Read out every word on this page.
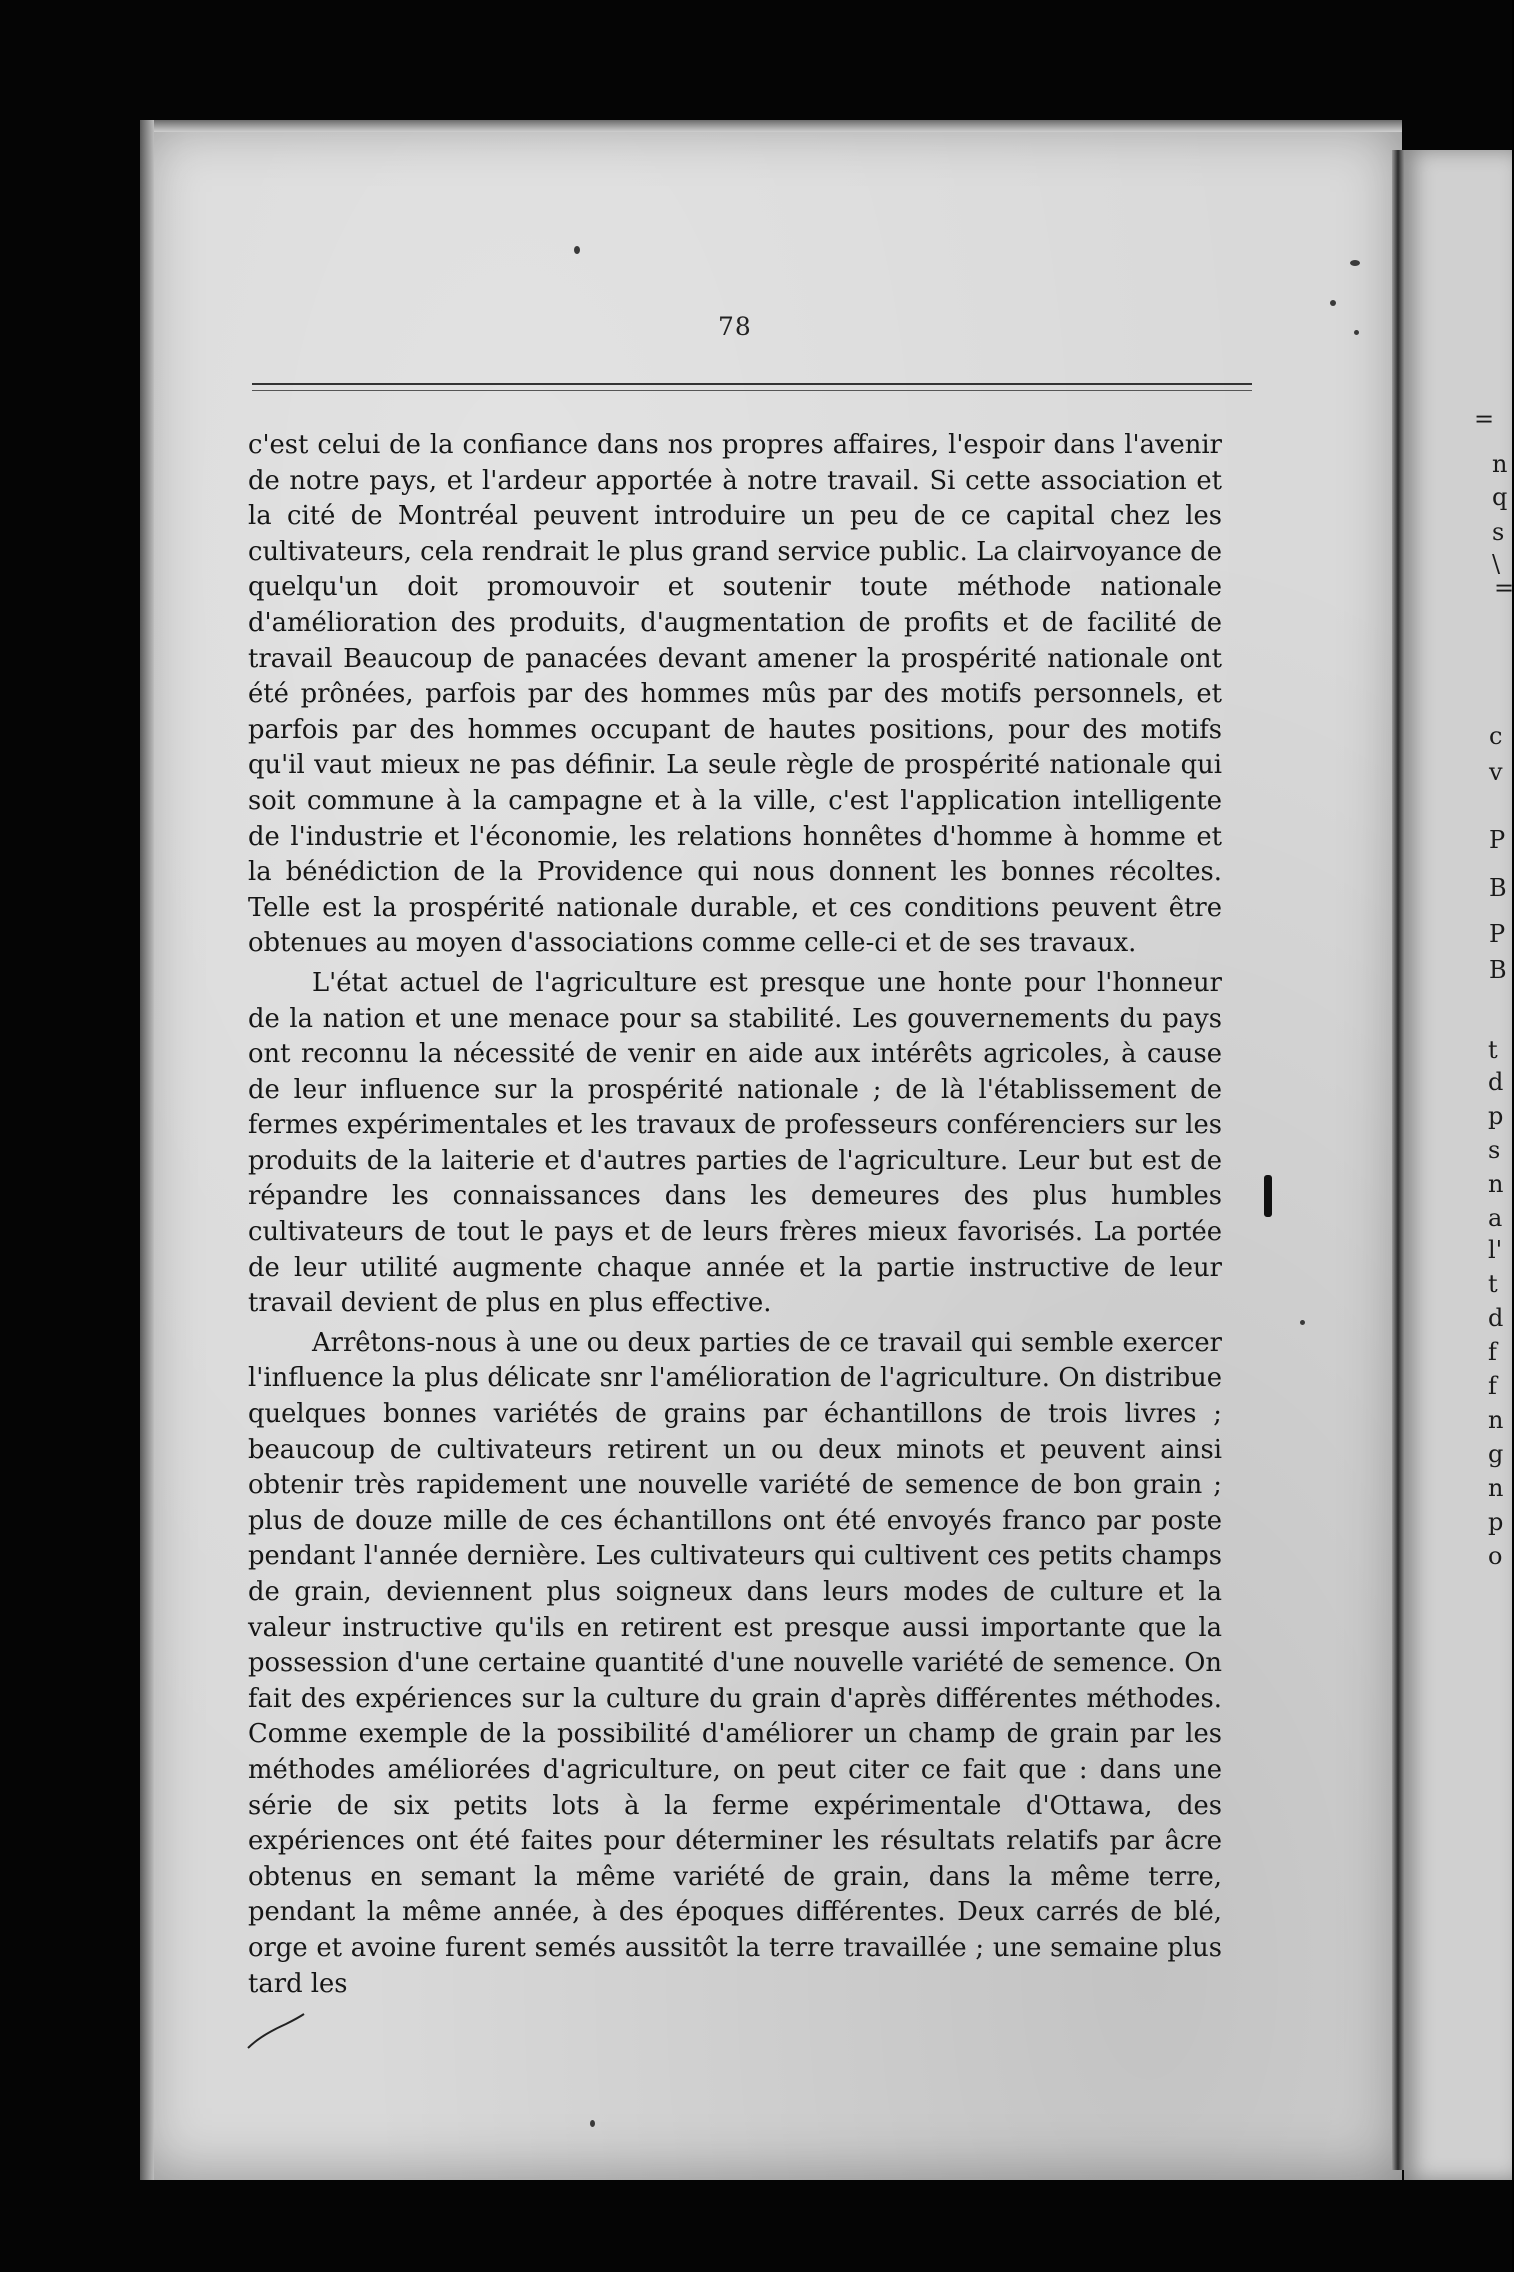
=
n
q
s
\
=
c
v
P
B
P
B
t
d
p
s
n
a
l'
t
d
f
f
n
g
n
p
o
78

c'est celui de la confiance dans nos propres affaires, l'espoir dans l'avenir de notre pays, et l'ardeur apportée à notre travail. Si cette association et la cité de Montréal peuvent introduire un peu de ce capital chez les cultivateurs, cela rendrait le plus grand service public. La clairvoyance de quelqu'un doit promouvoir et soutenir toute méthode nationale d'amélioration des produits, d'augmentation de profits et de facilité de travail Beaucoup de panacées devant amener la prospérité nationale ont été prônées, parfois par des hommes mûs par des motifs personnels, et parfois par des hommes occupant de hautes positions, pour des motifs qu'il vaut mieux ne pas définir. La seule règle de prospérité nationale qui soit commune à la campagne et à la ville, c'est l'application intelligente de l'industrie et l'économie, les relations honnêtes d'homme à homme et la bénédiction de la Providence qui nous donnent les bonnes récoltes. Telle est la prospérité nationale durable, et ces conditions peuvent être obtenues au moyen d'associations comme celle-ci et de ses travaux.

L'état actuel de l'agriculture est presque une honte pour l'honneur de la nation et une menace pour sa stabilité. Les gouvernements du pays ont reconnu la nécessité de venir en aide aux intérêts agricoles, à cause de leur influence sur la prospérité nationale ; de là l'établissement de fermes expérimentales et les travaux de professeurs conférenciers sur les produits de la laiterie et d'autres parties de l'agriculture. Leur but est de répandre les connaissances dans les demeures des plus humbles cultivateurs de tout le pays et de leurs frères mieux favorisés. La portée de leur utilité augmente chaque année et la partie instructive de leur travail devient de plus en plus effective.

Arrêtons-nous à une ou deux parties de ce travail qui semble exercer l'influence la plus délicate snr l'amélioration de l'agriculture. On distribue quelques bonnes variétés de grains par échantillons de trois livres ; beaucoup de cultivateurs retirent un ou deux minots et peuvent ainsi obtenir très rapidement une nouvelle variété de semence de bon grain ; plus de douze mille de ces échantillons ont été envoyés franco par poste pendant l'année dernière. Les cultivateurs qui cultivent ces petits champs de grain, deviennent plus soigneux dans leurs modes de culture et la valeur instructive qu'ils en retirent est presque aussi importante que la possession d'une certaine quantité d'une nouvelle variété de semence. On fait des expériences sur la culture du grain d'après différentes méthodes. Comme exemple de la possibilité d'améliorer un champ de grain par les méthodes améliorées d'agriculture, on peut citer ce fait que : dans une série de six petits lots à la ferme expérimentale d'Ottawa, des expériences ont été faites pour déterminer les résultats relatifs par âcre obtenus en semant la même variété de grain, dans la même terre, pendant la même année, à des époques différentes. Deux carrés de blé, orge et avoine furent semés aussitôt la terre travaillée ; une semaine plus tard les
